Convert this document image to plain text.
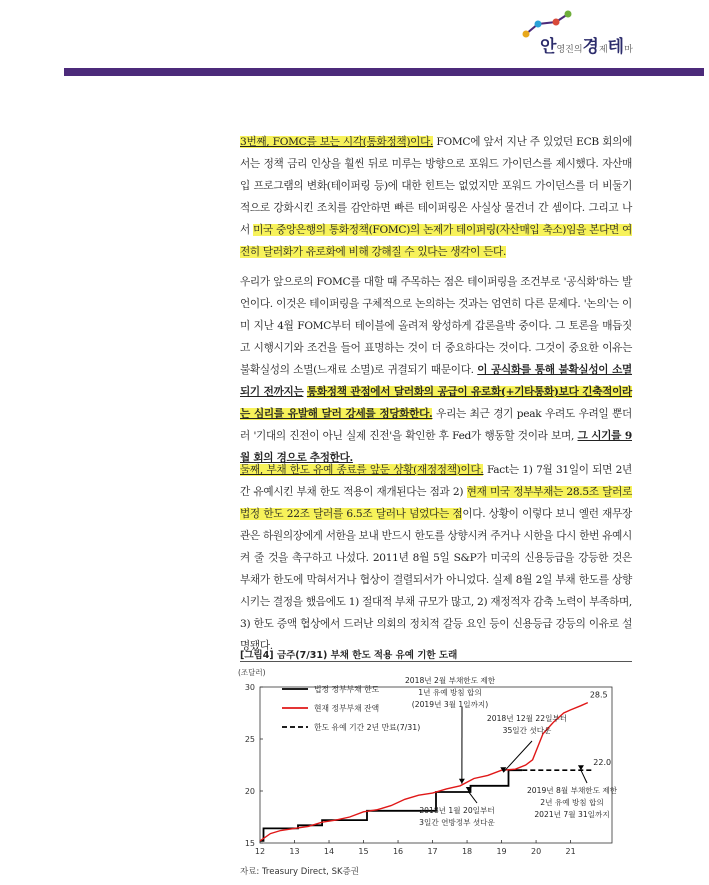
안영진의경제테마
3번째, FOMC를 보는 시각(통화정책)이다. FOMC에 앞서 지난 주 있었던 ECB 회의에서는 정책 금리 인상을 훨씬 뒤로 미루는 방향으로 포워드 가이던스를 제시했다. 자산매입 프로그램의 변화(테이퍼링 등)에 대한 힌트는 없었지만 포워드 가이던스를 더 비둘기적으로 강화시킨 조치를 감안하면 빠른 테이퍼링은 사실상 물건너 간 셈이다. 그리고 나서 미국 중앙은행의 통화정책(FOMC)의 논제가 테이퍼링(자산매입 축소)임을 본다면 여전히 달러화가 유로화에 비해 강해질 수 있다는 생각이 든다.
우리가 앞으로의 FOMC를 대할 때 주목하는 점은 테이퍼링을 조건부로 '공식화'하는 발언이다. 이것은 테이퍼링을 구체적으로 논의하는 것과는 엄연히 다른 문제다. '논의'는 이미 지난 4월 FOMC부터 테이블에 올려져 왕성하게 갑론을박 중이다. 그 토론을 매듭짓고 시행시기와 조건을 들어 표명하는 것이 더 중요하다는 것이다. 그것이 중요한 이유는 불확실성의 소멸(느재료 소멸)로 귀결되기 때문이다. 이 공식화를 통해 불확실성이 소멸되기 전까지는 통화정책 관점에서 달러화의 공급이 유로화(+기타통화)보다 긴축적이라는 심리를 유발해 달러 강세를 정당화한다. 우리는 최근 경기 peak 우려도 우려일 뿐더러 '기대의 진전이 아닌 실제 진전'을 확인한 후 Fed가 행동할 것이라 보며, 그 시기를 9월 회의 경으로 추정한다.
둘째, 부채 한도 유예 종료를 앞둔 상황(재정정책)이다. Fact는 1) 7월 31일이 되면 2년간 유예시킨 부채 한도 적용이 재개된다는 점과 2) 현재 미국 정부부채는 28.5조 달러로 법정 한도 22조 달러를 6.5조 달러나 넘었다는 점이다. 상황이 이렇다 보니 옐런 재무장관은 하원의장에게 서한을 보내 반드시 한도를 상향시켜 주거나 시한을 다시 한번 유예시켜 줄 것을 촉구하고 나섰다. 2011년 8월 5일 S&P가 미국의 신용등급을 강등한 것은 부채가 한도에 막혀서거나 협상이 결렬되서가 아니었다. 실제 8월 2일 부채 한도를 상향시키는 결정을 했음에도 1) 절대적 부채 규모가 많고, 2) 재정적자 감축 노력이 부족하며, 3) 한도 증액 협상에서 드러난 의회의 정치적 갈등 요인 등이 신용등급 강등의 이유로 설명됐다.
[그림4] 금주(7/31) 부채 한도 적용 유예 기한 도래
(조달러)
15
20
25
30
12	13	14	15	16	17	18	19	20	21
법정 정부부채 한도
현재 정부부채 잔액
한도 유예 기간 2년 만료(7/31)
28.5
22.0
2018년 2월 부채한도 제한
1년 유예 방침 합의
(2019년 3월 1일까지)
2018년 12월 22일부터
35일간 셧다운
2018년 1월 20일부터
3일간 연방정부 셧다운
2019년 8월 부채한도 제한
2년 유예 방침 합의
2021년 7월 31일까지
자료: Treasury Direct, SK증권
